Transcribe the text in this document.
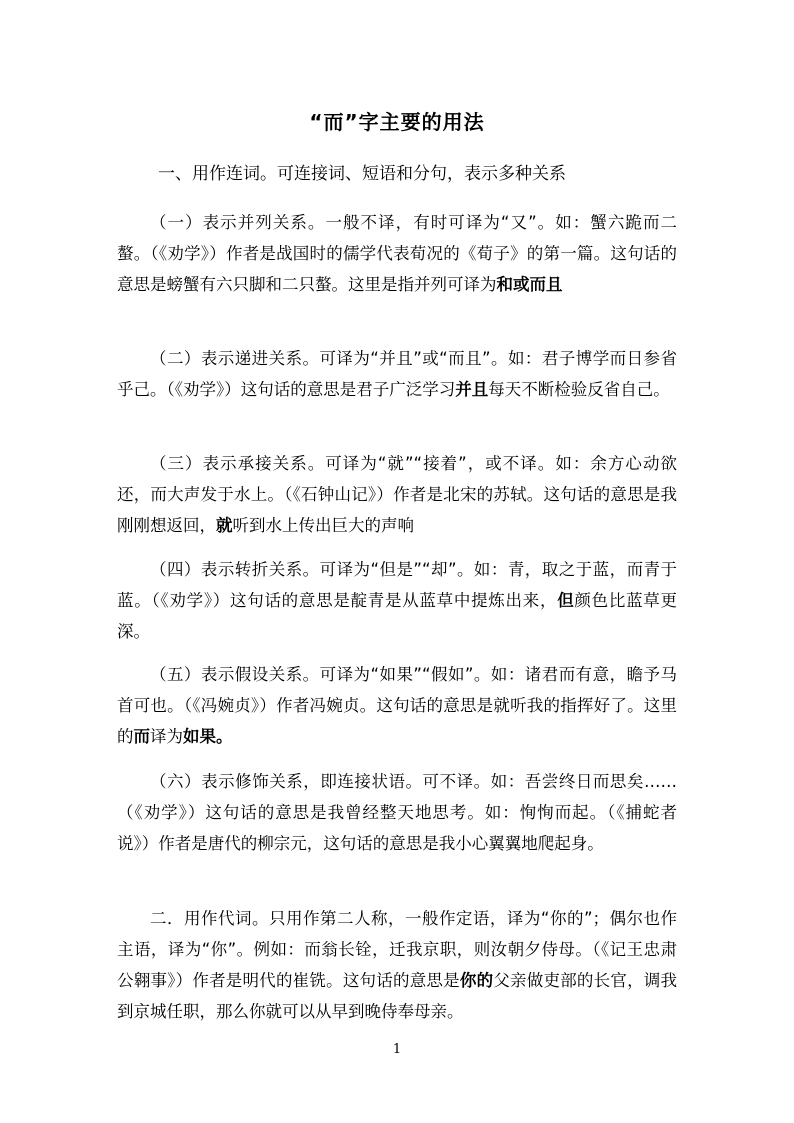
“而”字主要的用法

一、用作连词。可连接词、短语和分句，表示多种关系

（一）表示并列关系。一般不译，有时可译为“又”。如：蟹六跪而二螯。（《劝学》）作者是战国时的儒学代表荀况的《荀子》的第一篇。这句话的意思是螃蟹有六只脚和二只螯。这里是指并列可译为和或而且

（二）表示递进关系。可译为“并且”或“而且”。如：君子博学而日参省乎己。（《劝学》）这句话的意思是君子广泛学习并且每天不断检验反省自己。

（三）表示承接关系。可译为“就”“接着”，或不译。如：余方心动欲还，而大声发于水上。（《石钟山记》）作者是北宋的苏轼。这句话的意思是我刚刚想返回，就听到水上传出巨大的声响

（四）表示转折关系。可译为“但是”“却”。如：青，取之于蓝，而青于蓝。（《劝学》）这句话的意思是靛青是从蓝草中提炼出来，但颜色比蓝草更深。

（五）表示假设关系。可译为“如果”“假如”。如：诸君而有意，瞻予马首可也。（《冯婉贞》）作者冯婉贞。这句话的意思是就听我的指挥好了。这里的而译为如果。

（六）表示修饰关系，即连接状语。可不译。如：吾尝终日而思矣……（《劝学》）这句话的意思是我曾经整天地思考。如：恂恂而起。（《捕蛇者说》）作者是唐代的柳宗元，这句话的意思是我小心翼翼地爬起身。

二．用作代词。只用作第二人称，一般作定语，译为“你的”；偶尔也作主语，译为“你”。例如：而翁长铨，迁我京职，则汝朝夕侍母。（《记王忠肃公翱事》）作者是明代的崔铣。这句话的意思是你的父亲做吏部的长官，调我到京城任职，那么你就可以从早到晚侍奉母亲。

1
